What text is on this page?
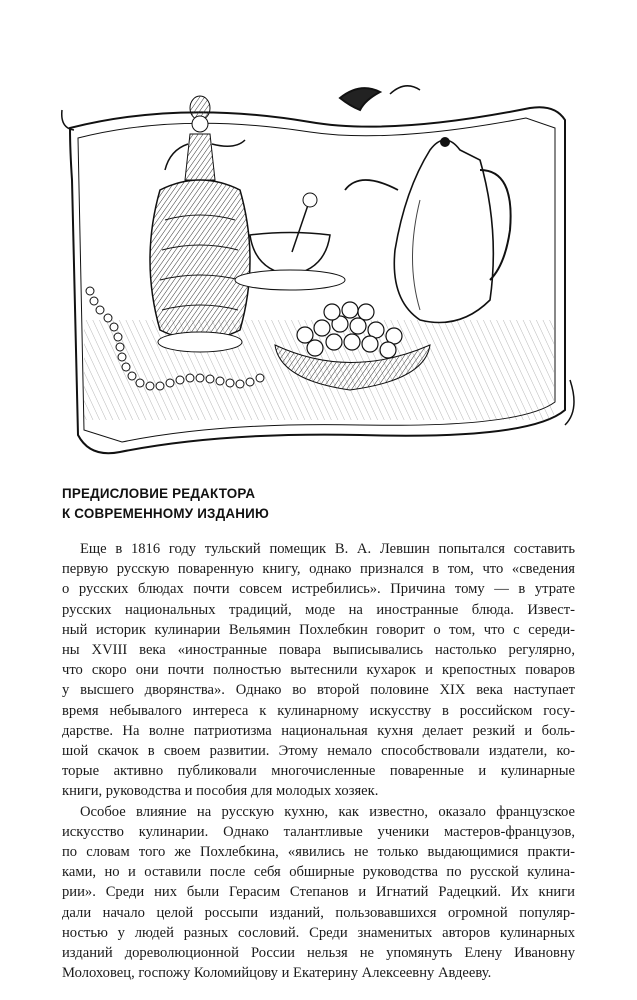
ПРЕДИСЛОВИЕ РЕДАКТОРА
К СОВРЕМЕННОМУ ИЗДАНИЮ

Еще в 1816 году тульский помещик В. А. Левшин попытался составить
первую русскую поваренную книгу, однако признался в том, что «сведения
о русских блюдах почти совсем истребились». Причина тому — в утрате
русских национальных традиций, моде на иностранные блюда. Извест-
ный историк кулинарии Вельямин Похлебкин говорит о том, что с середи-
ны XVIII века «иностранные повара выписывались настолько регулярно,
что скоро они почти полностью вытеснили кухарок и крепостных поваров
у высшего дворянства». Однако во второй половине XIX века наступает
время небывалого интереса к кулинарному искусству в российском госу-
дарстве. На волне патриотизма национальная кухня делает резкий и боль-
шой скачок в своем развитии. Этому немало способствовали издатели, ко-
торые активно публиковали многочисленные поваренные и кулинарные
книги, руководства и пособия для молодых хозяек.

Особое влияние на русскую кухню, как известно, оказало французское
искусство кулинарии. Однако талантливые ученики мастеров-французов,
по словам того же Похлебкина, «явились не только выдающимися практи-
ками, но и оставили после себя обширные руководства по русской кулина-
рии». Среди них были Герасим Степанов и Игнатий Радецкий. Их книги
дали начало целой россыпи изданий, пользовавшихся огромной популяр-
ностью у людей разных сословий. Среди знаменитых авторов кулинарных
изданий дореволюционной России нельзя не упомянуть Елену Ивановну
Молоховец, госпожу Коломийцову и Екатерину Алексеевну Авдееву.
